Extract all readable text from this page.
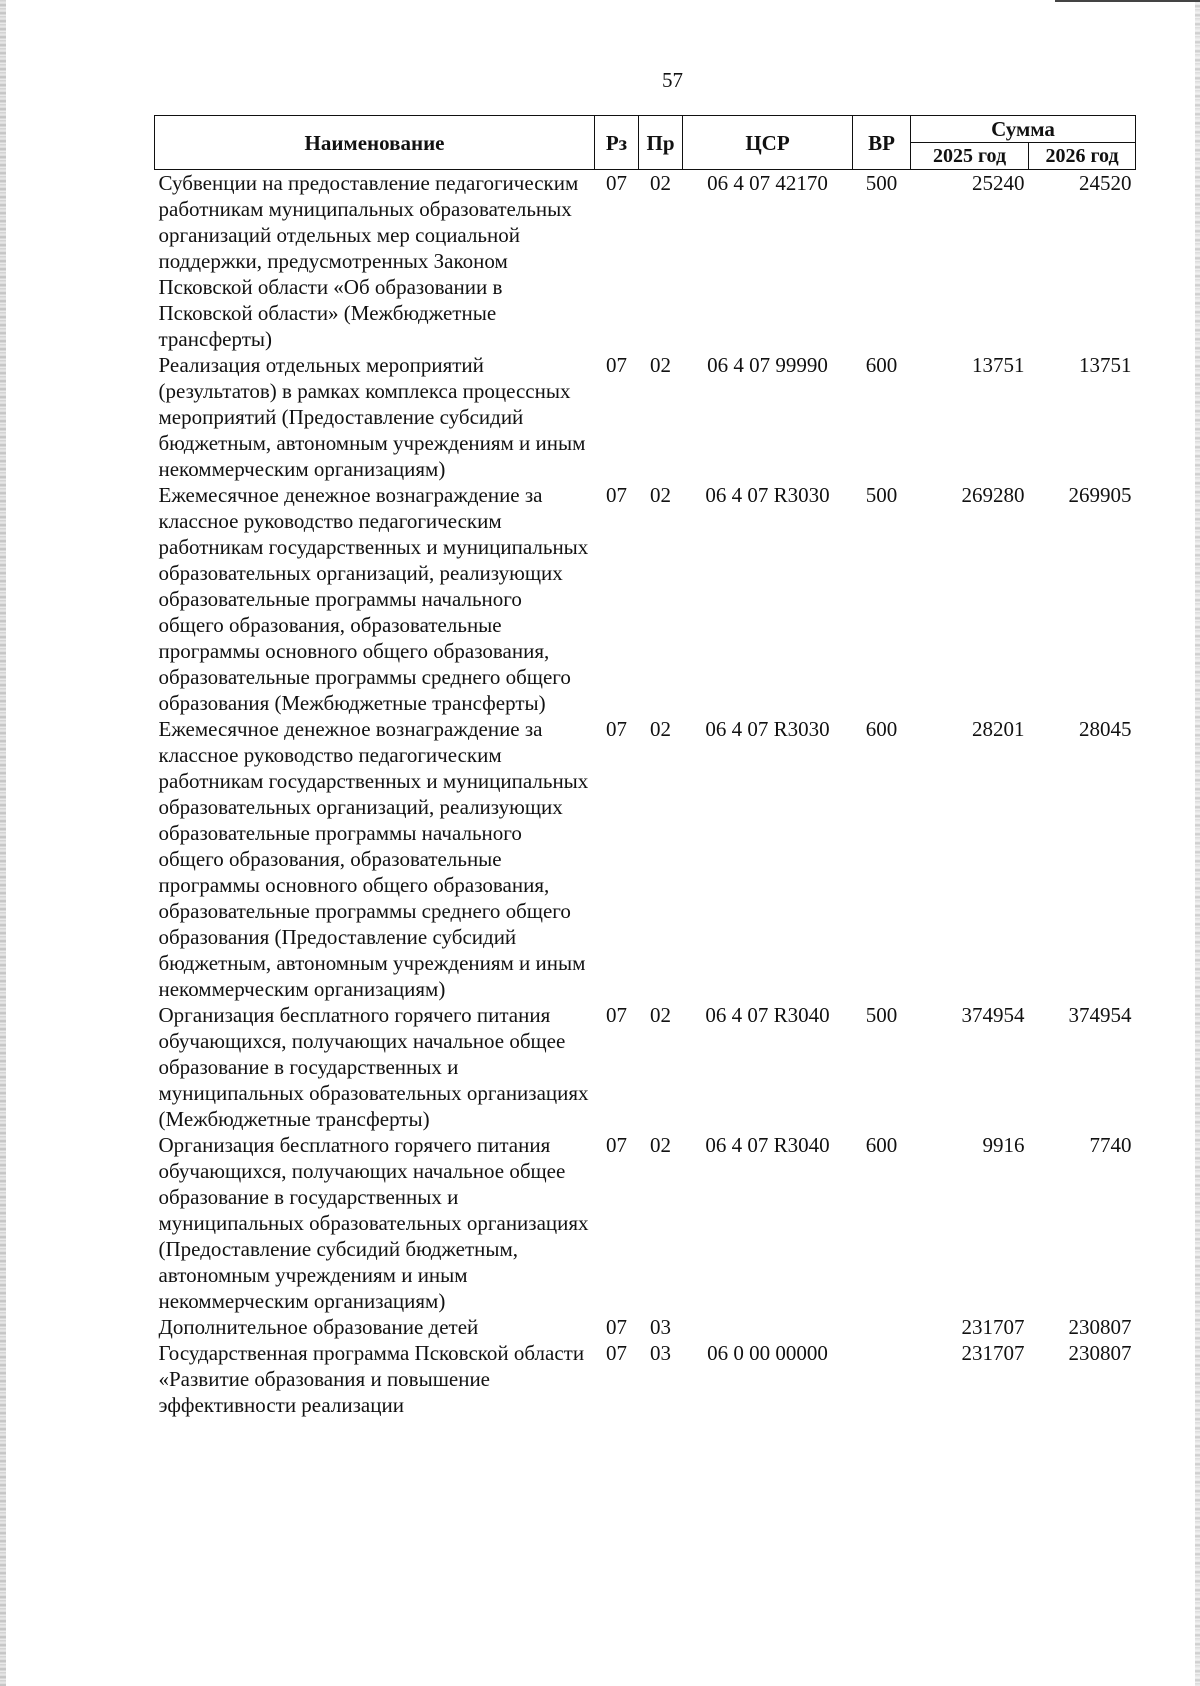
57
Наименование	Рз	Пр	ЦСР	ВР	Сумма	
					2025 год	2026 год
Субвенции на предоставление педагогическим работникам муниципальных образовательных организаций отдельных мер социальной поддержки, предусмотренных Законом Псковской области «Об образовании в Псковской области» (Межбюджетные трансферты)	07	02	06 4 07 42170	500	25240	24520
Реализация отдельных мероприятий (результатов) в рамках комплекса процессных мероприятий (Предоставление субсидий бюджетным, автономным учреждениям и иным некоммерческим организациям)	07	02	06 4 07 99990	600	13751	13751
Ежемесячное денежное вознаграждение за классное руководство педагогическим работникам государственных и муниципальных образовательных организаций, реализующих образовательные программы начального общего образования, образовательные программы основного общего образования, образовательные программы среднего общего образования (Межбюджетные трансферты)	07	02	06 4 07 R3030	500	269280	269905
Ежемесячное денежное вознаграждение за классное руководство педагогическим работникам государственных и муниципальных образовательных организаций, реализующих образовательные программы начального общего образования, образовательные программы основного общего образования, образовательные программы среднего общего образования (Предоставление субсидий бюджетным, автономным учреждениям и иным некоммерческим организациям)	07	02	06 4 07 R3030	600	28201	28045
Организация бесплатного горячего питания обучающихся, получающих начальное общее образование в государственных и муниципальных образовательных организациях (Межбюджетные трансферты)	07	02	06 4 07 R3040	500	374954	374954
Организация бесплатного горячего питания обучающихся, получающих начальное общее образование в государственных и муниципальных образовательных организациях (Предоставление субсидий бюджетным, автономным учреждениям и иным некоммерческим организациям)	07	02	06 4 07 R3040	600	9916	7740
Дополнительное образование детей	07	03			231707	230807
Государственная программа Псковской области «Развитие образования и повышение эффективности реализации	07	03	06 0 00 00000		231707	230807
